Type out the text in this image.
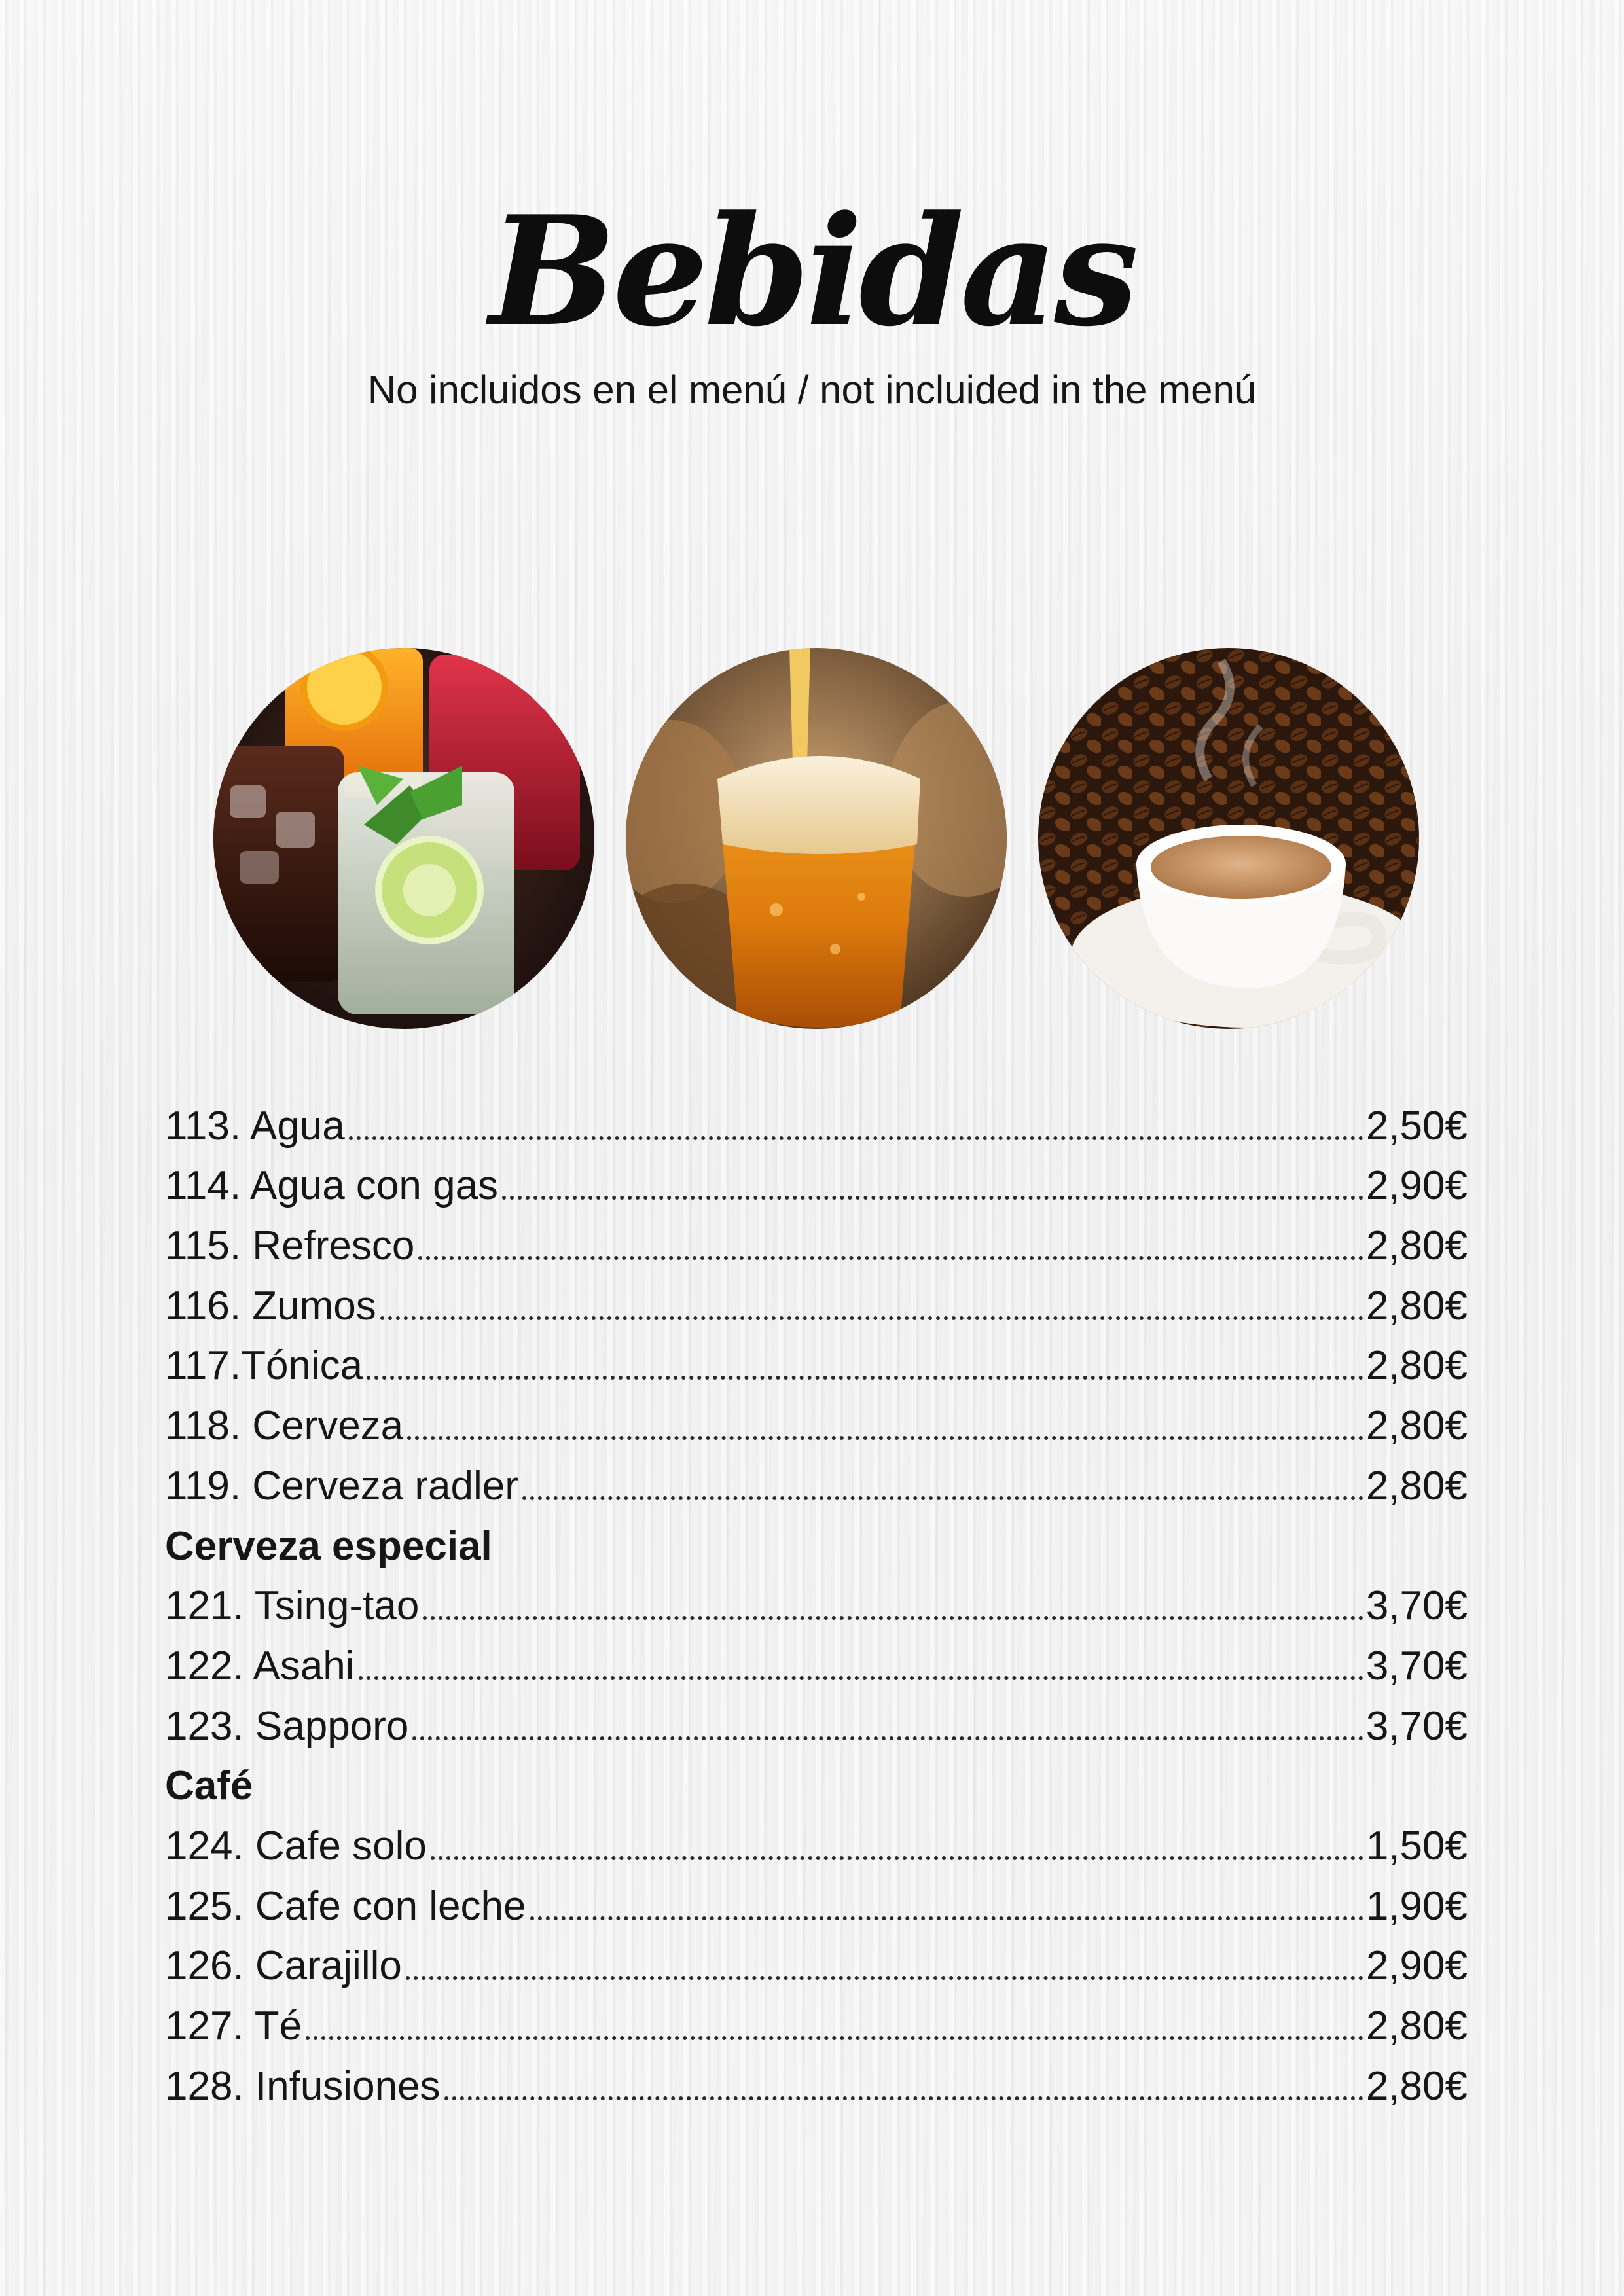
Bebidas
No incluidos en el menú / not incluided in the menú
113. Agua	2,50€
114. Agua con gas	2,90€
115. Refresco	2,80€
116. Zumos	2,80€
117.Tónica	2,80€
118. Cerveza	2,80€
119. Cerveza radler	2,80€
Cerveza especial
121. Tsing-tao	3,70€
122. Asahi	3,70€
123. Sapporo	3,70€
Café
124. Cafe solo	1,50€
125. Cafe con leche	1,90€
126. Carajillo	2,90€
127. Té	2,80€
128. Infusiones	2,80€
